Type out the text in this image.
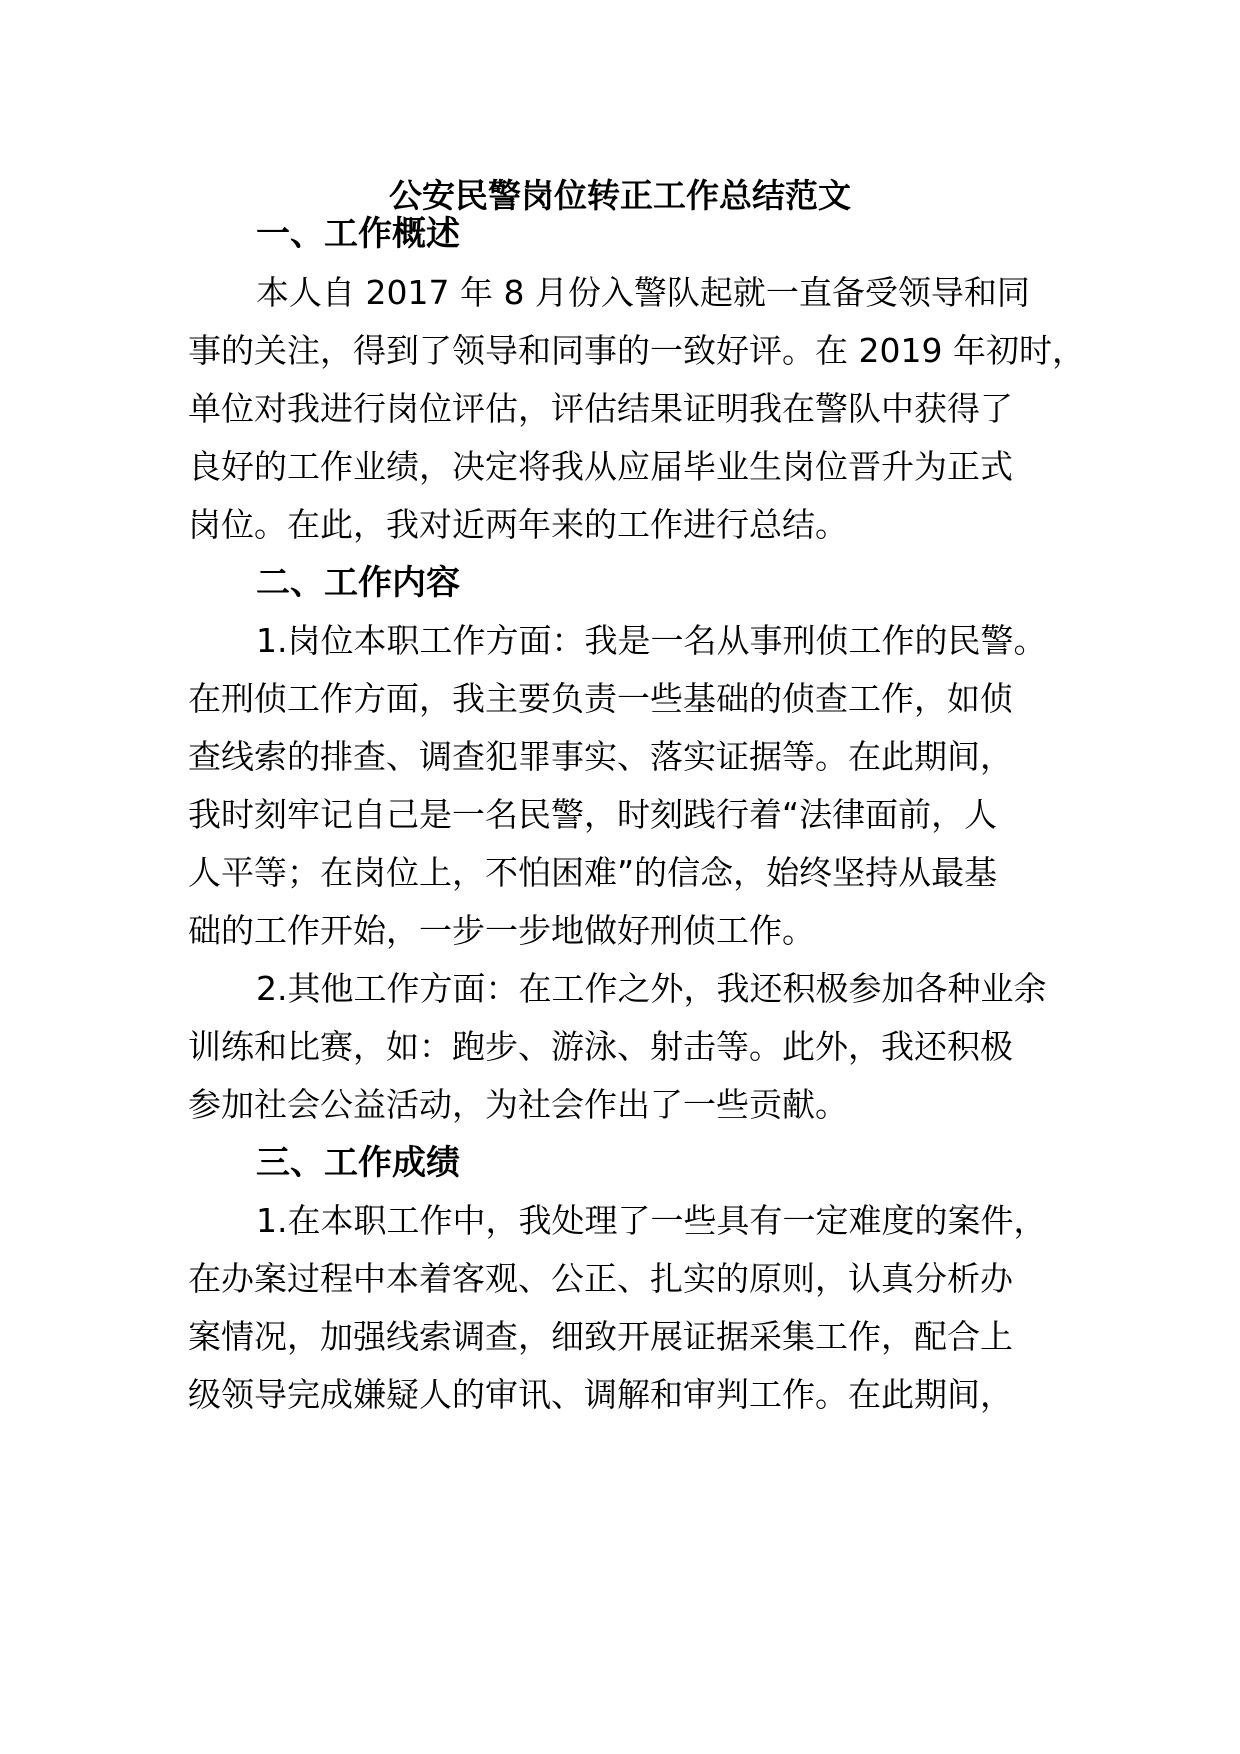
公安民警岗位转正工作总结范文
一、工作概述

本人自 2017 年 8 月份入警队起就一直备受领导和同

事的关注，得到了领导和同事的一致好评。在 2019 年初时，

单位对我进行岗位评估，评估结果证明我在警队中获得了

良好的工作业绩，决定将我从应届毕业生岗位晋升为正式

岗位。在此，我对近两年来的工作进行总结。

二、工作内容

1.岗位本职工作方面：我是一名从事刑侦工作的民警。

在刑侦工作方面，我主要负责一些基础的侦查工作，如侦

查线索的排查、调查犯罪事实、落实证据等。在此期间，

我时刻牢记自己是一名民警，时刻践行着“法律面前，人

人平等；在岗位上，不怕困难”的信念，始终坚持从最基

础的工作开始，一步一步地做好刑侦工作。

2.其他工作方面：在工作之外，我还积极参加各种业余

训练和比赛，如：跑步、游泳、射击等。此外，我还积极

参加社会公益活动，为社会作出了一些贡献。

三、工作成绩

1.在本职工作中，我处理了一些具有一定难度的案件，

在办案过程中本着客观、公正、扎实的原则，认真分析办

案情况，加强线索调查，细致开展证据采集工作，配合上

级领导完成嫌疑人的审讯、调解和审判工作。在此期间，
